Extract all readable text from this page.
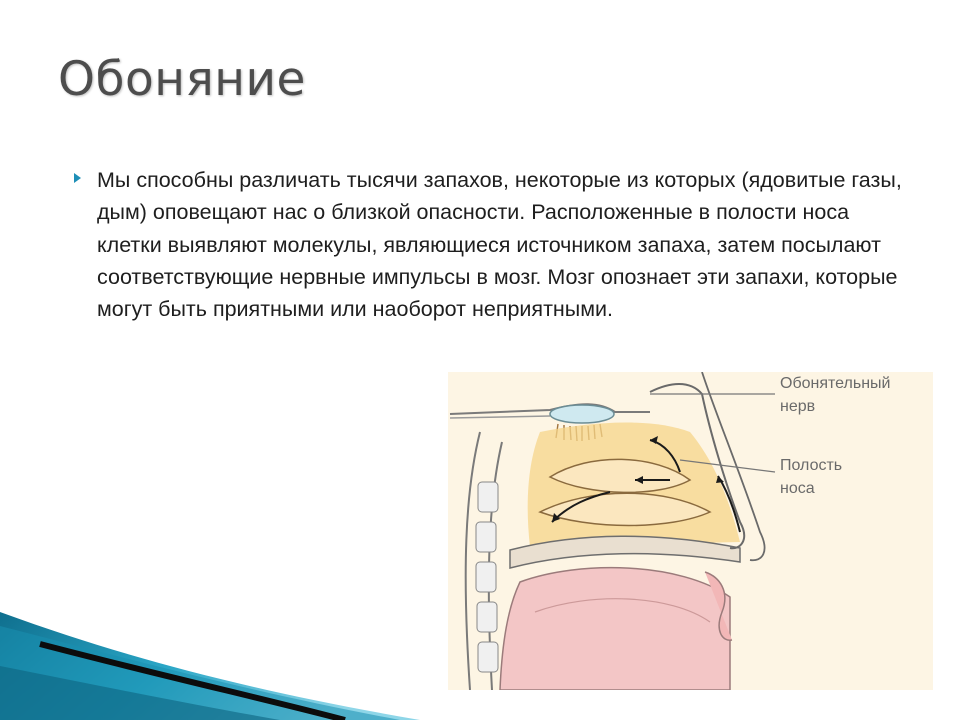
Обоняние

Мы способны различать тысячи запахов, некоторые из которых (ядовитые газы, дым) оповещают нас о близкой опасности. Расположенные в полости носа клетки выявляют молекулы, являющиеся источником запаха, затем посылают соответствующие нервные импульсы в мозг. Мозг опознает эти запахи, которые могут быть приятными или наоборот неприятными.

Обонятельный
нерв
Полость
носа
